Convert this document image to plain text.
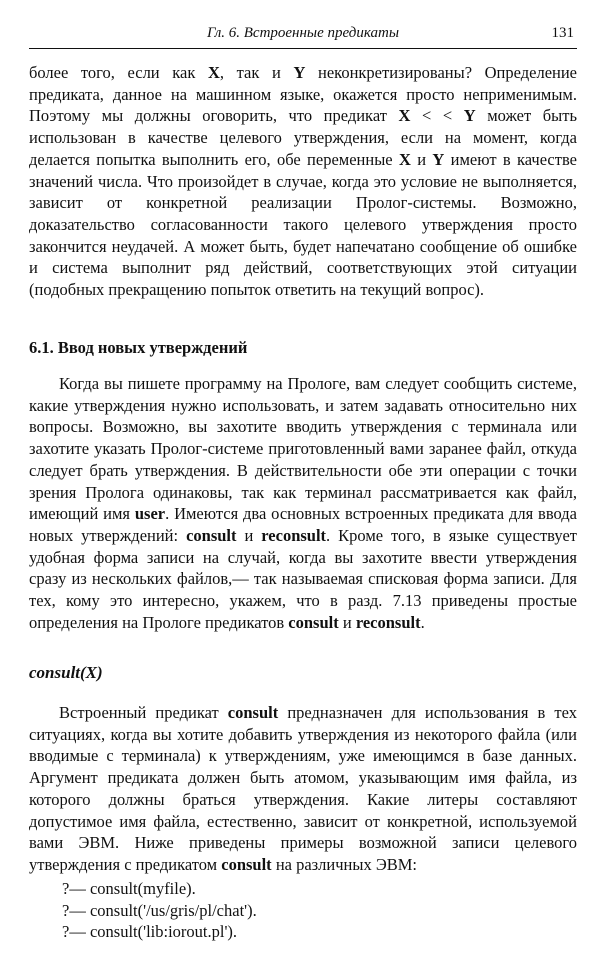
Гл. 6. Встроенные предикаты	131

более того, если как X, так и Y неконкретизированы? Определение предиката, данное на машинном языке, окажется просто неприменимым. Поэтому мы должны оговорить, что предикат X < < Y может быть использован в качестве целевого утверждения, если на момент, когда делается попытка выполнить его, обе переменные X и Y имеют в качестве значений числа. Что произойдет в случае, когда это условие не выполняется, зависит от конкретной реализации Пролог-системы. Возможно, доказательство согласованности такого целевого утверждения просто закончится неудачей. А может быть, будет напечатано сообщение об ошибке и система выполнит ряд действий, соответствующих этой ситуации (подобных прекращению попыток ответить на текущий вопрос).

6.1. Ввод новых утверждений

Когда вы пишете программу на Прологе, вам следует сообщить системе, какие утверждения нужно использовать, и затем задавать относительно них вопросы. Возможно, вы захотите вводить утверждения с терминала или захотите указать Пролог-системе приготовленный вами заранее файл, откуда следует брать утверждения. В действительности обе эти операции с точки зрения Пролога одинаковы, так как терминал рассматривается как файл, имеющий имя user. Имеются два основных встроенных предиката для ввода новых утверждений: consult и reconsult. Кроме того, в языке существует удобная форма записи на случай, когда вы захотите ввести утверждения сразу из нескольких файлов,— так называемая списковая форма записи. Для тех, кому это интересно, укажем, что в разд. 7.13 приведены простые определения на Прологе предикатов consult и reconsult.

consult(X)

Встроенный предикат consult предназначен для использования в тех ситуациях, когда вы хотите добавить утверждения из некоторого файла (или вводимые с терминала) к утверждениям, уже имеющимся в базе данных. Аргумент предиката должен быть атомом, указывающим имя файла, из которого должны браться утверждения. Какие литеры составляют допустимое имя файла, естественно, зависит от конкретной, используемой вами ЭВМ. Ниже приведены примеры возможной записи целевого утверждения с предикатом consult на различных ЭВМ:

?— consult(myfile).
?— consult('/us/gris/pl/chat').
?— consult('lib:iorout.pl').
